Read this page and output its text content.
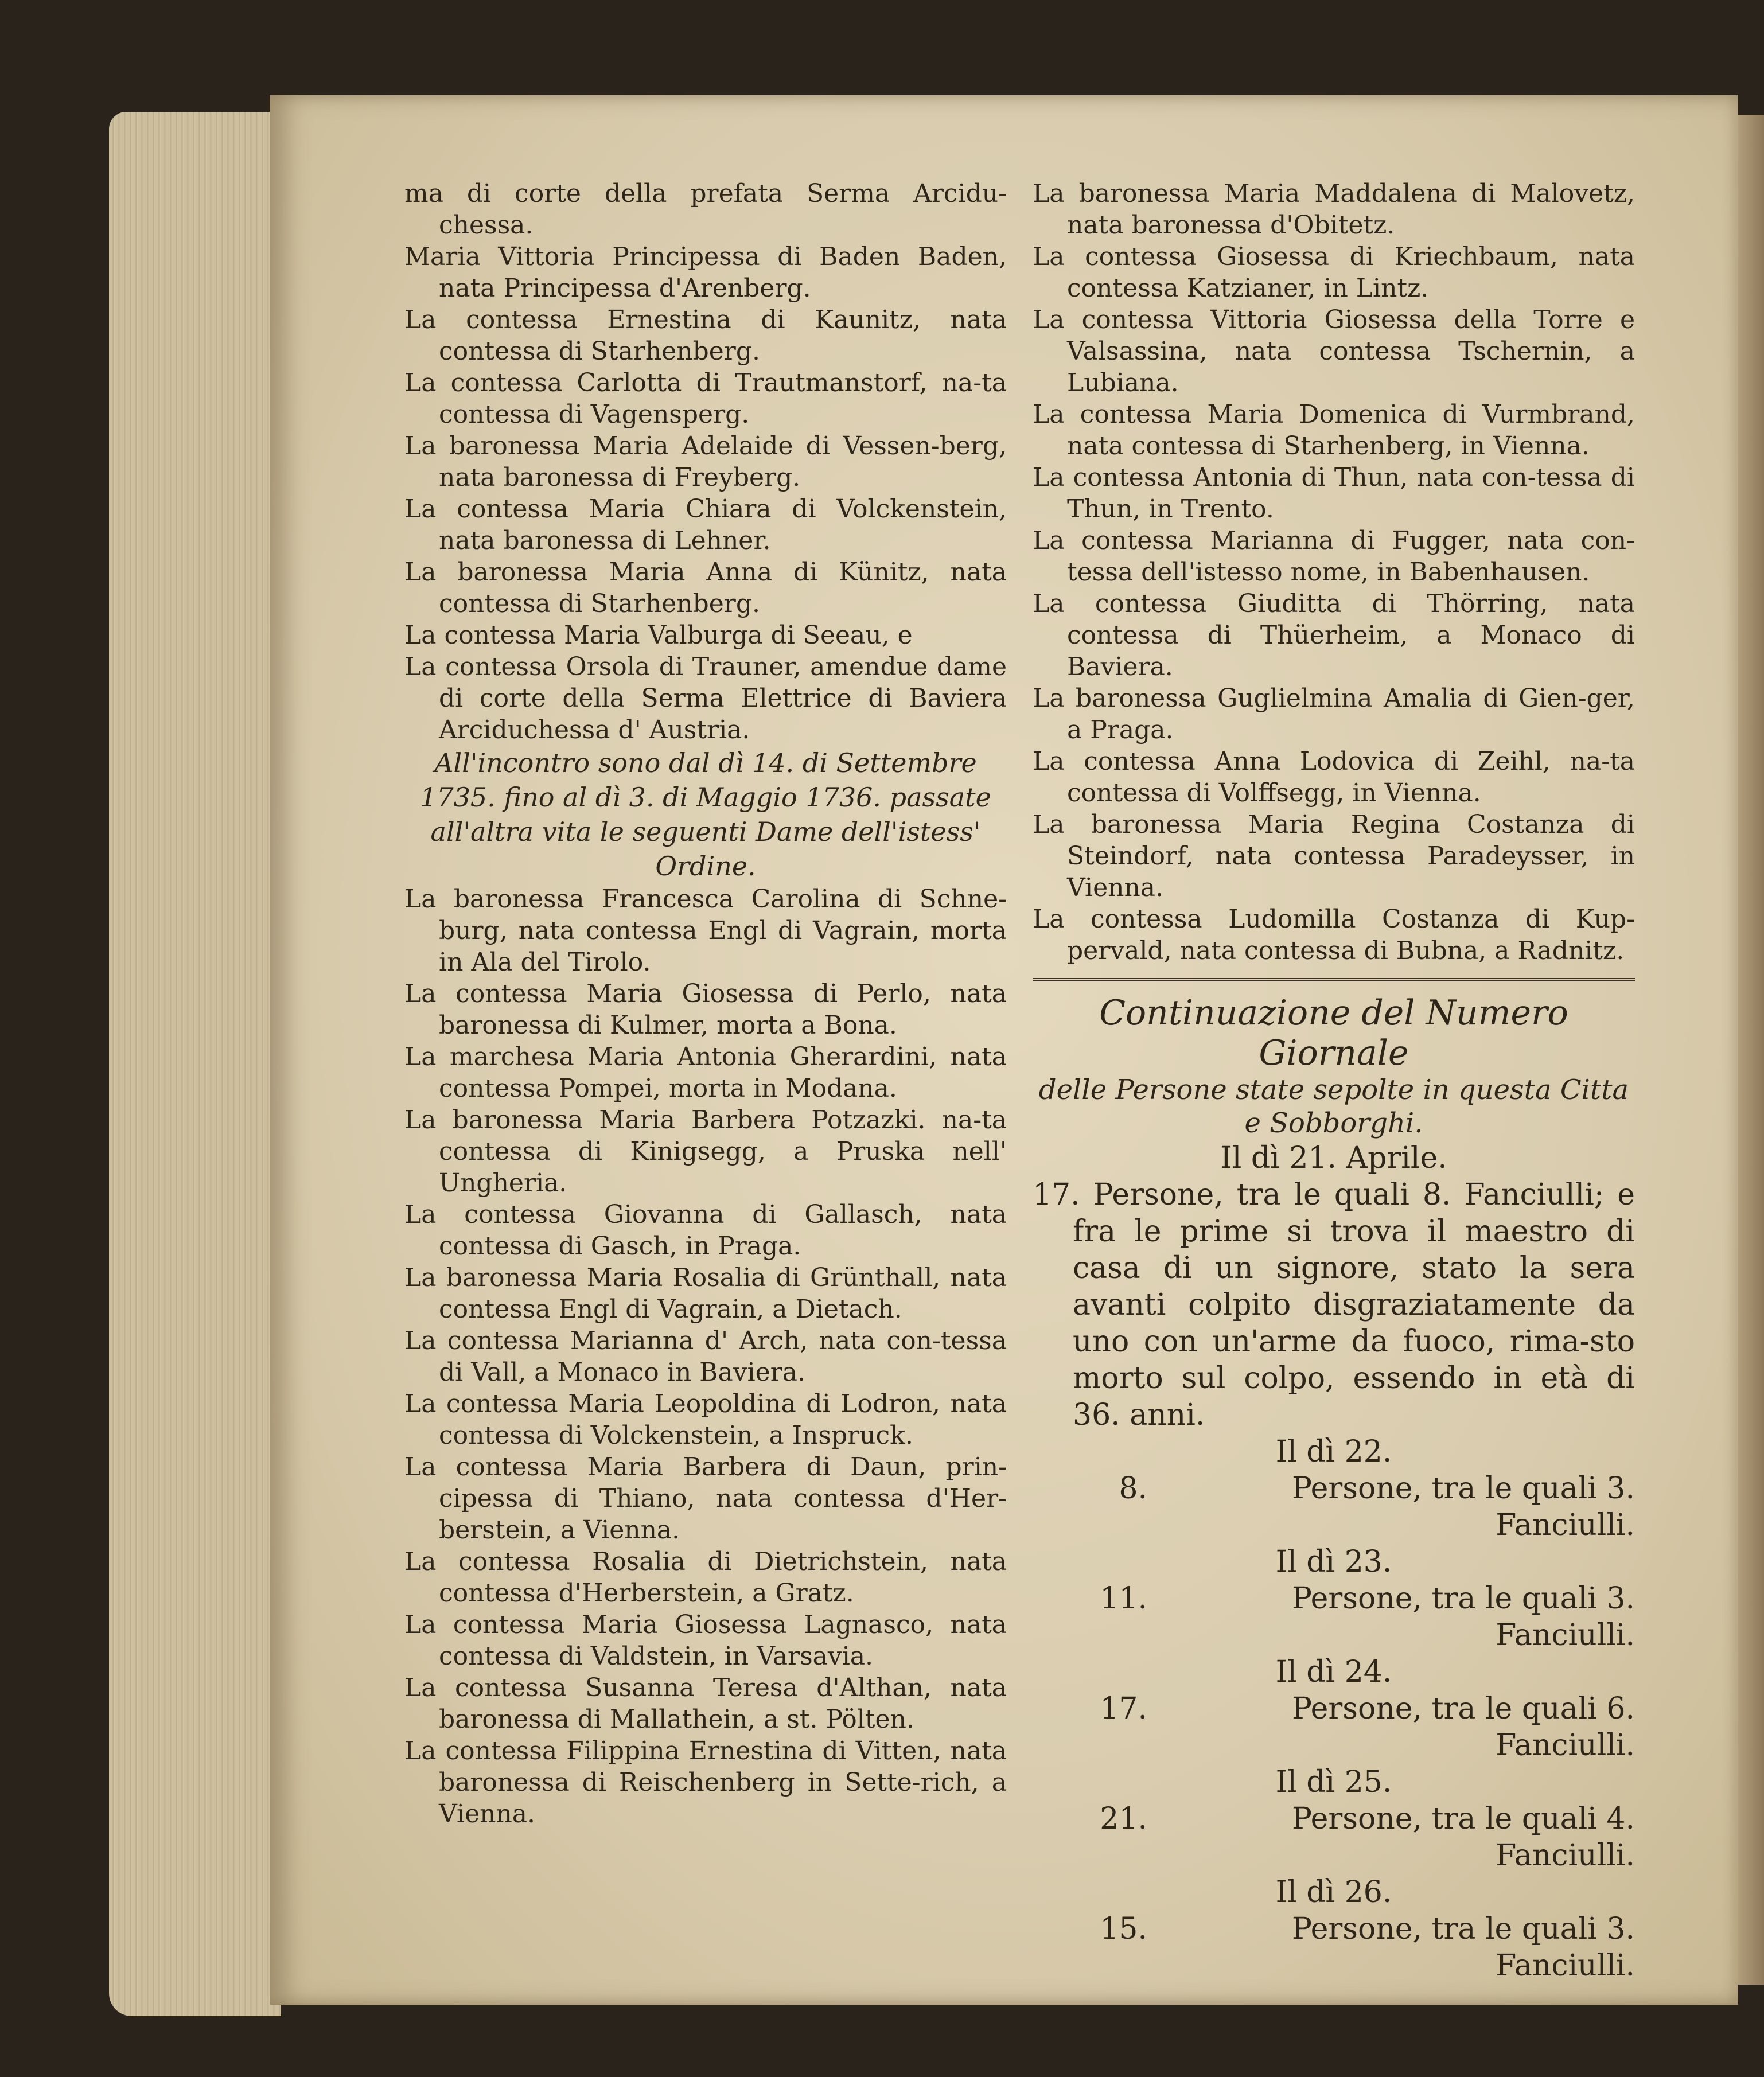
ma di corte della prefata Serma Arcidu-chessa.

Maria Vittoria Principessa di Baden Baden, nata Principessa d'Arenberg.

La contessa Ernestina di Kaunitz, nata contessa di Starhenberg.

La contessa Carlotta di Trautmanstorf, na-ta contessa di Vagensperg.

La baronessa Maria Adelaide di Vessen-berg, nata baronessa di Freyberg.

La contessa Maria Chiara di Volckenstein, nata baronessa di Lehner.

La baronessa Maria Anna di Künitz, nata contessa di Starhenberg.

La contessa Maria Valburga di Seeau, e

La contessa Orsola di Trauner, amendue dame di corte della Serma Elettrice di Baviera Arciduchessa d' Austria.

All'incontro sono dal dì 14. di Settembre 1735. fino al dì 3. di Maggio 1736. passate all'altra vita le seguenti Dame dell'istess' Ordine.

La baronessa Francesca Carolina di Schne-burg, nata contessa Engl di Vagrain, morta in Ala del Tirolo.

La contessa Maria Giosessa di Perlo, nata baronessa di Kulmer, morta a Bona.

La marchesa Maria Antonia Gherardini, nata contessa Pompei, morta in Modana.

La baronessa Maria Barbera Potzazki. na-ta contessa di Kinigsegg, a Pruska nell' Ungheria.

La contessa Giovanna di Gallasch, nata contessa di Gasch, in Praga.

La baronessa Maria Rosalia di Grünthall, nata contessa Engl di Vagrain, a Dietach.

La contessa Marianna d' Arch, nata con-tessa di Vall, a Monaco in Baviera.

La contessa Maria Leopoldina di Lodron, nata contessa di Volckenstein, a Inspruck.

La contessa Maria Barbera di Daun, prin-cipessa di Thiano, nata contessa d'Her-berstein, a Vienna.

La contessa Rosalia di Dietrichstein, nata contessa d'Herberstein, a Gratz.

La contessa Maria Giosessa Lagnasco, nata contessa di Valdstein, in Varsavia.

La contessa Susanna Teresa d'Althan, nata baronessa di Mallathein, a st. Pölten.

La contessa Filippina Ernestina di Vitten, nata baronessa di Reischenberg in Sette-rich, a Vienna.

La baronessa Maria Maddalena di Malovetz, nata baronessa d'Obitetz.

La contessa Giosessa di Kriechbaum, nata contessa Katzianer, in Lintz.

La contessa Vittoria Giosessa della Torre e Valsassina, nata contessa Tschernin, a Lubiana.

La contessa Maria Domenica di Vurmbrand, nata contessa di Starhenberg, in Vienna.

La contessa Antonia di Thun, nata con-tessa di Thun, in Trento.

La contessa Marianna di Fugger, nata con-tessa dell'istesso nome, in Babenhausen.

La contessa Giuditta di Thörring, nata contessa di Thüerheim, a Monaco di Baviera.

La baronessa Guglielmina Amalia di Gien-ger, a Praga.

La contessa Anna Lodovica di Zeihl, na-ta contessa di Volffsegg, in Vienna.

La baronessa Maria Regina Costanza di Steindorf, nata contessa Paradeysser, in Vienna.

La contessa Ludomilla Costanza di Kup-pervald, nata contessa di Bubna, a Radnitz.

Continuazione del Numero Giornale

delle Persone state sepolte in questa Citta

e Sobborghi.

Il dì 21. Aprile.

17. Persone, tra le quali 8. Fanciulli; e fra le prime si trova il maestro di casa di un signore, stato la sera avanti colpito disgraziatamente da uno con un'arme da fuoco, rima-sto morto sul colpo, essendo in età di 36. anni.

Il dì 22.

8.	Persone, tra le quali 3. Fanciulli.

Il dì 23.

11.	Persone, tra le quali 3. Fanciulli.

Il dì 24.

17.	Persone, tra le quali 6. Fanciulli.

Il dì 25.

21.	Persone, tra le quali 4. Fanciulli.

Il dì 26.

15.	Persone, tra le quali 3. Fanciulli.
